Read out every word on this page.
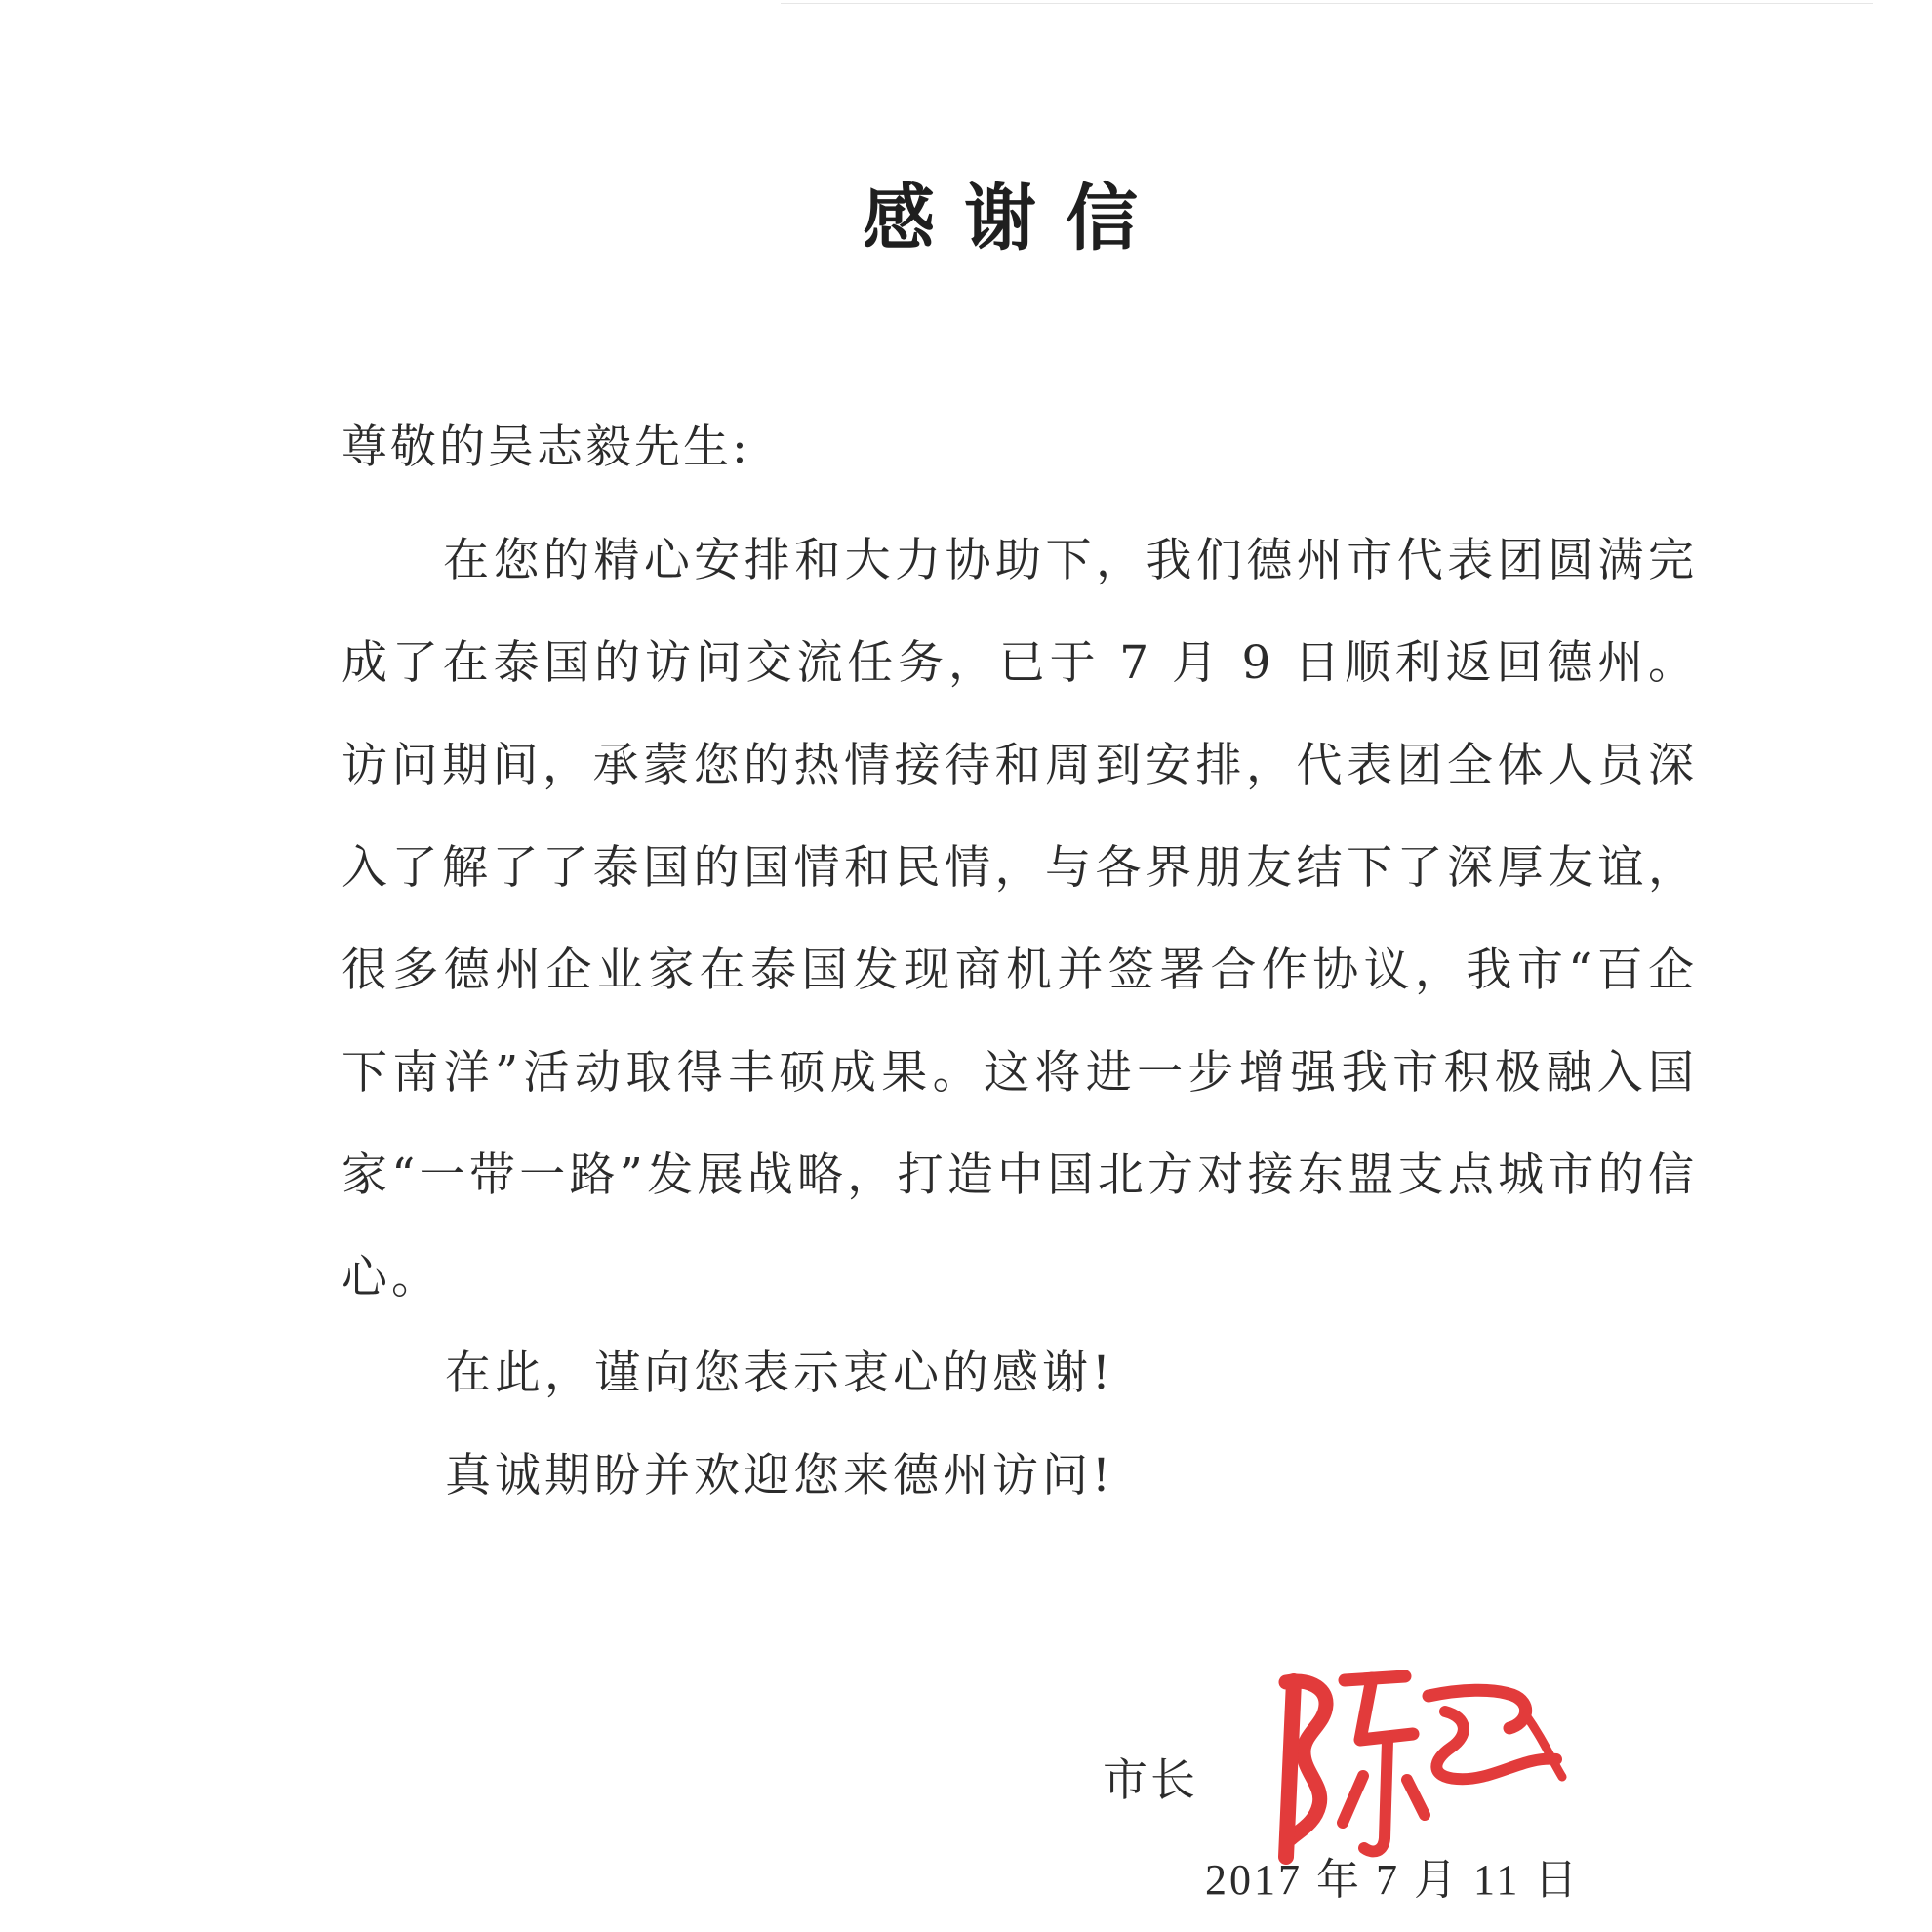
感谢信
尊敬的吴志毅先生:

在您的精心安排和大力协助下，我们德州市代表团圆满完成了在泰国的访问交流任务，已于 7 月 9 日顺利返回德州。访问期间，承蒙您的热情接待和周到安排，代表团全体人员深入了解了了泰国的国情和民情，与各界朋友结下了深厚友谊，很多德州企业家在泰国发现商机并签署合作协议，我市“百企下南洋”活动取得丰硕成果。这将进一步增强我市积极融入国家“一带一路”发展战略，打造中国北方对接东盟支点城市的信心。

在此，谨向您表示衷心的感谢!
真诚期盼并欢迎您来德州访问!
市长
2017 年 7 月 11 日
